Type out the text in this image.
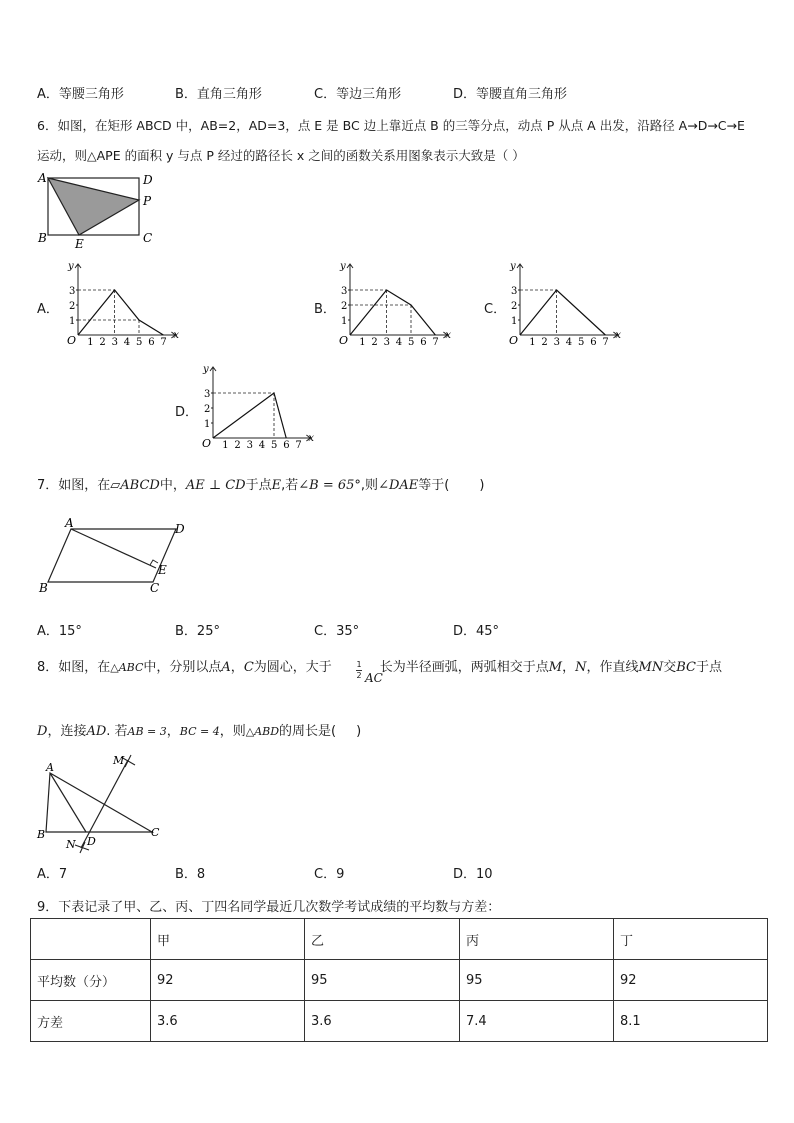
A．等腰三角形	B．直角三角形	C．等边三角形	D．等腰直角三角形
6．如图，在矩形 ABCD 中，AB=2，AD=3，点 E 是 BC 边上靠近点 B 的三等分点，动点 P 从点 A 出发，沿路径 A→D→C→E
运动，则△APE 的面积 y 与点 P 经过的路径长 x 之间的函数关系用图象表示大致是（ ）
A	D
P
B	C
E
A．	B．	C．
D．
x
y
O 1 2 3 4 5 6 7
1
2
3
x
y
O 1 2 3 4 5 6 7
1
2
3
x
y
O 1 2 3 4 5 6 7
1
2
3
x
y
O 1 2 3 4 5 6 7
1
2
3
7．如图，在▱ABCD中，AE ⊥ CD于点E,若∠B = 65°,则∠DAE等于( )
A	D
B	C
E
A．15°	B．25°	C．35°	D．45°
8．如图，在△ABC中，分别以点A，C为圆心，大于	长为半径画弧，两弧相交于点M，N，作直线MN交BC于点
1
2 AC
D，连接AD. 若AB = 3，BC = 4，则△ABD的周长是( )
A
B	C
D
M
N
A．7	B．8	C．9	D．10
9．下表记录了甲、乙、丙、丁四名同学最近几次数学考试成绩的平均数与方差：
	甲	乙	丙	丁
平均数（分）	92	95	95	92
方差	3.6	3.6	7.4	8.1
